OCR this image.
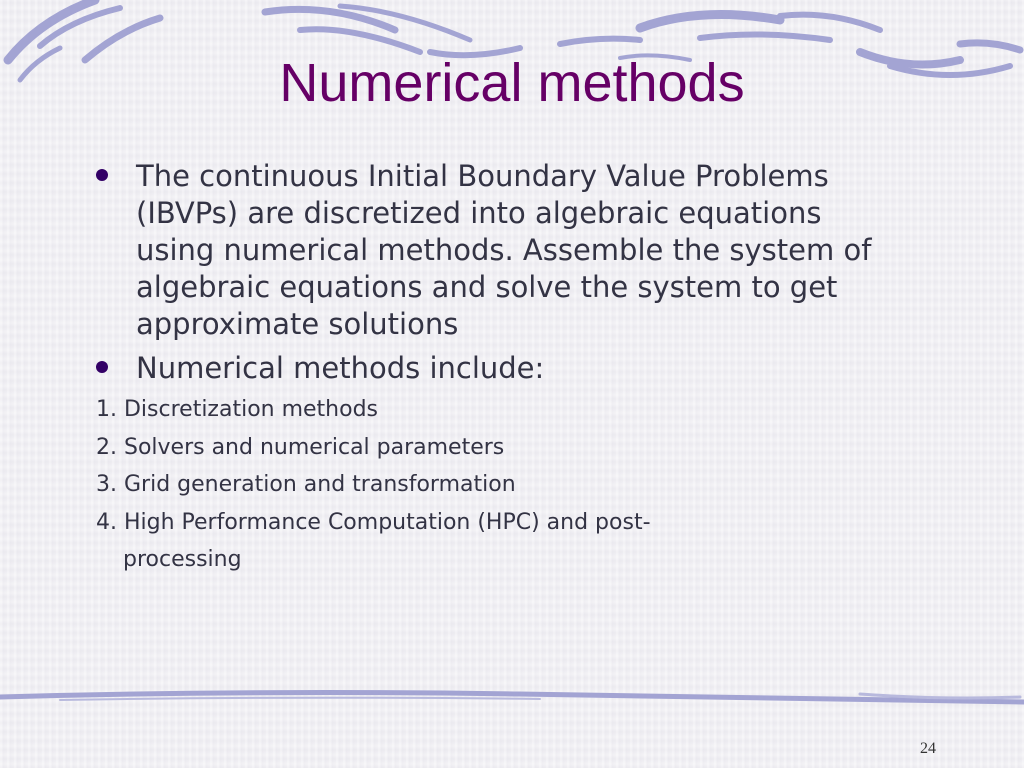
Numerical methods
The continuous Initial Boundary Value Problems (IBVPs) are discretized into algebraic equations using numerical methods. Assemble the system of algebraic equations and solve the system to get approximate solutions
Numerical methods include:
1. Discretization methods
2. Solvers and numerical parameters
3. Grid generation and transformation
4. High Performance Computation (HPC) and post-
processing
24
